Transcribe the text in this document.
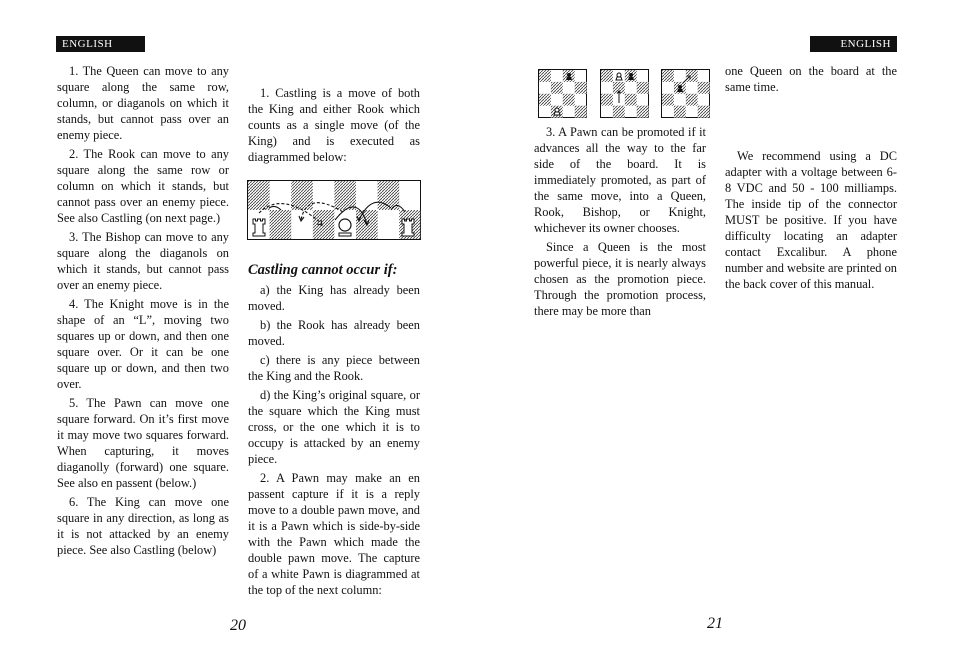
ENGLISH	ENGLISH

1. The Queen can move to any square along the same row, column, or diaganols on which it stands, but cannot pass over an enemy piece.

2. The Rook can move to any square along the same row or column on which it stands, but cannot pass over an enemy piece. See also Castling (on next page.)

3. The Bishop can move to any square along the diaganols on which it stands, but cannot pass over an enemy piece.

4. The Knight move is in the shape of an “L”, moving two squares up or down, and then one square over. Or it can be one square up or down, and then two over.

5. The Pawn can move one square forward. On it’s first move it may move two squares forward. When capturing, it moves diaganolly (forward) one square. See also en passent (below.)

6. The King can move one square in any direction, as long as it is not attacked by an enemy piece. See also Castling (below)

1. Castling is a move of both the King and either Rook which counts as a single move (of the King) and is executed as diagrammed below:

Castling cannot occur if:

a) the King has already been moved.

b) the Rook has already been moved.

c) there is any piece between the King and the Rook.

d) the King’s original square, or the square which the King must cross, or the one which it is to occupy is attacked by an enemy piece.

2. A Pawn may make an en passent capture if it is a reply move to a double pawn move, and it is a Pawn which is side-by-side with the Pawn which made the double pawn move. The capture of a white Pawn is diagrammed at the top of the next column:

20

3. A Pawn can be promoted if it advances all the way to the far side of the board. It is immediately promoted, as part of the same move, into a Queen, Rook, Bishop, or Knight, whichever its owner chooses.

Since a Queen is the most powerful piece, it is nearly always chosen as the promotion piece. Through the promotion process, there may be more than

one Queen on the board at the same time.

We recommend using a DC adapter with a voltage between 6-8 VDC and 50 - 100 milliamps. The inside tip of the connector MUST be positive. If you have difficulty locating an adapter contact Excalibur. A phone number and website are printed on the back cover of this manual.

21
